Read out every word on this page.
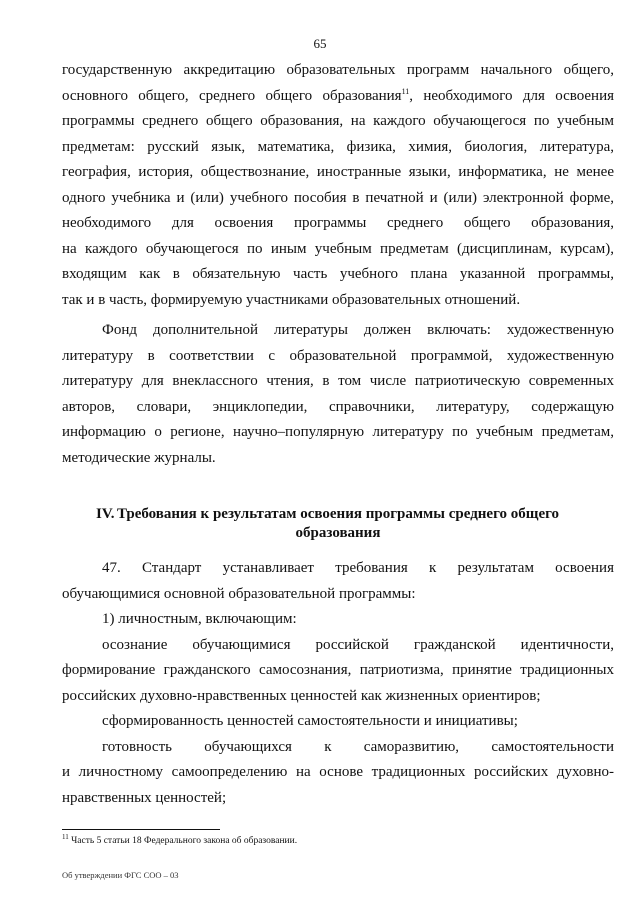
65
государственную аккредитацию образовательных программ начального общего,
основного общего, среднего общего образования$^{11}$, необходимого для освоения
программы среднего общего образования, на каждого обучающегося по учебным
предметам: русский язык, математика, физика, химия, биология, литература,
география, история, обществознание, иностранные языки, информатика, не менее
одного учебника и (или) учебного пособия в печатной и (или) электронной форме,
необходимого для освоения программы среднего общего образования,
на каждого обучающегося по иным учебным предметам (дисциплинам, курсам),
входящим как в обязательную часть учебного плана указанной программы,
так и в часть, формируемую участниками образовательных отношений.
Фонд дополнительной литературы должен включать: художественную
литературу в соответствии с образовательной программой, художественную
литературу для внеклассного чтения, в том числе патриотическую современных
авторов, словари, энциклопедии, справочники, литературу, содержащую
информацию о регионе, научно–популярную литературу по учебным предметам,
методические журналы.
IV. Требования к результатам освоения программы среднего общего
образования
47. Стандарт устанавливает требования к результатам освоения
обучающимися основной образовательной программы:
1) личностным, включающим:
осознание обучающимися российской гражданской идентичности,
формирование гражданского самосознания, патриотизма, принятие традиционных
российских духовно-нравственных ценностей как жизненных ориентиров;
сформированность ценностей самостоятельности и инициативы;
готовность обучающихся к саморазвитию, самостоятельности
и личностному самоопределению на основе традиционных российских духовно-
нравственных ценностей;
$^{11}$ Часть 5 статьи 18 Федерального закона об образовании.
Об утверждении ФГС СОО – 03
